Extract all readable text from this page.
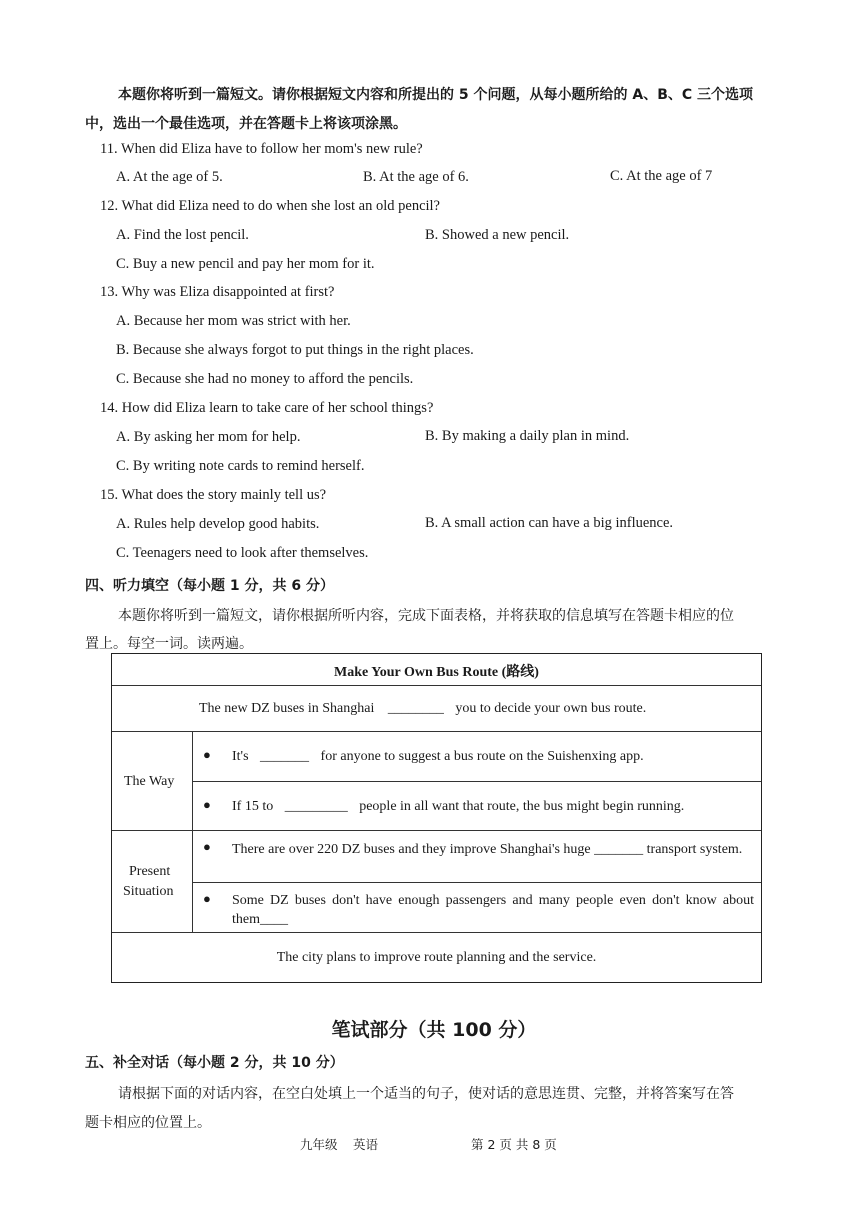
本题你将听到一篇短文。请你根据短文内容和所提出的 5 个问题，从每小题所给的 A、B、C 三个选项
中，选出一个最佳选项，并在答题卡上将该项涂黑。
11. When did Eliza have to follow her mom's new rule?
A. At the age of 5.	B. At the age of 6.	C. At the age of 7
12. What did Eliza need to do when she lost an old pencil?
A. Find the lost pencil.	B. Showed a new pencil.
C. Buy a new pencil and pay her mom for it.
13. Why was Eliza disappointed at first?
A. Because her mom was strict with her.
B. Because she always forgot to put things in the right places.
C. Because she had no money to afford the pencils.
14. How did Eliza learn to take care of her school things?
A. By asking her mom for help.	B. By making a daily plan in mind.
C. By writing note cards to remind herself.
15. What does the story mainly tell us?
A. Rules help develop good habits.	B. A small action can have a big influence.
C. Teenagers need to look after themselves.
四、听力填空（每小题 1 分，共 6 分）
本题你将听到一篇短文，请你根据所听内容，完成下面表格，并将获取的信息填写在答题卡相应的位
置上。每空一词。读两遍。
Make Your Own Bus Route (路线)
The new DZ buses in Shanghai ________ you to decide your own bus route.
The Way
● It's _______ for anyone to suggest a bus route on the Suishenxing app.
● If 15 to _________ people in all want that route, the bus might begin running.
Present
Situation
● There are over 220 DZ buses and they improve Shanghai's huge _______ transport system.
● Some DZ buses don't have enough passengers and many people even don't know about them____
The city plans to improve route planning and the service.
笔试部分（共 100 分）
五、补全对话（每小题 2 分，共 10 分）
请根据下面的对话内容，在空白处填上一个适当的句子，使对话的意思连贯、完整，并将答案写在答
题卡相应的位置上。
九年级 英语	第 2 页 共 8 页
